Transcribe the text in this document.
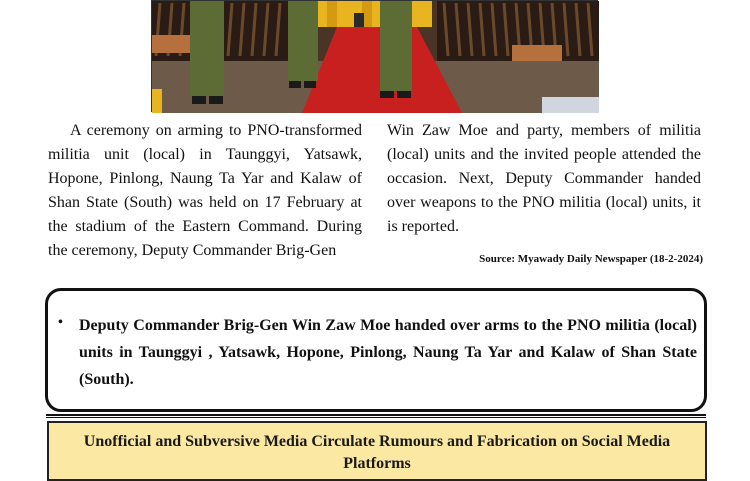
A ceremony on arming to PNO-transformed militia unit (local) in Taunggyi, Yatsawk, Hopone, Pinlong, Naung Ta Yar and Kalaw of Shan State (South) was held on 17 February at the stadium of the Eastern Command. During the ceremony, Deputy Commander Brig-Gen

Win Zaw Moe and party, members of militia (local) units and the invited people attended the occasion. Next, Deputy Commander handed over weapons to the PNO militia (local) units, it is reported.

Source: Myawady Daily Newspaper (18-2-2024)
• Deputy Commander Brig-Gen Win Zaw Moe handed over arms to the PNO militia (local) units in Taunggyi , Yatsawk, Hopone, Pinlong, Naung Ta Yar and Kalaw of Shan State (South).

Unofficial and Subversive Media Circulate Rumours and Fabrication on Social Media Platforms
